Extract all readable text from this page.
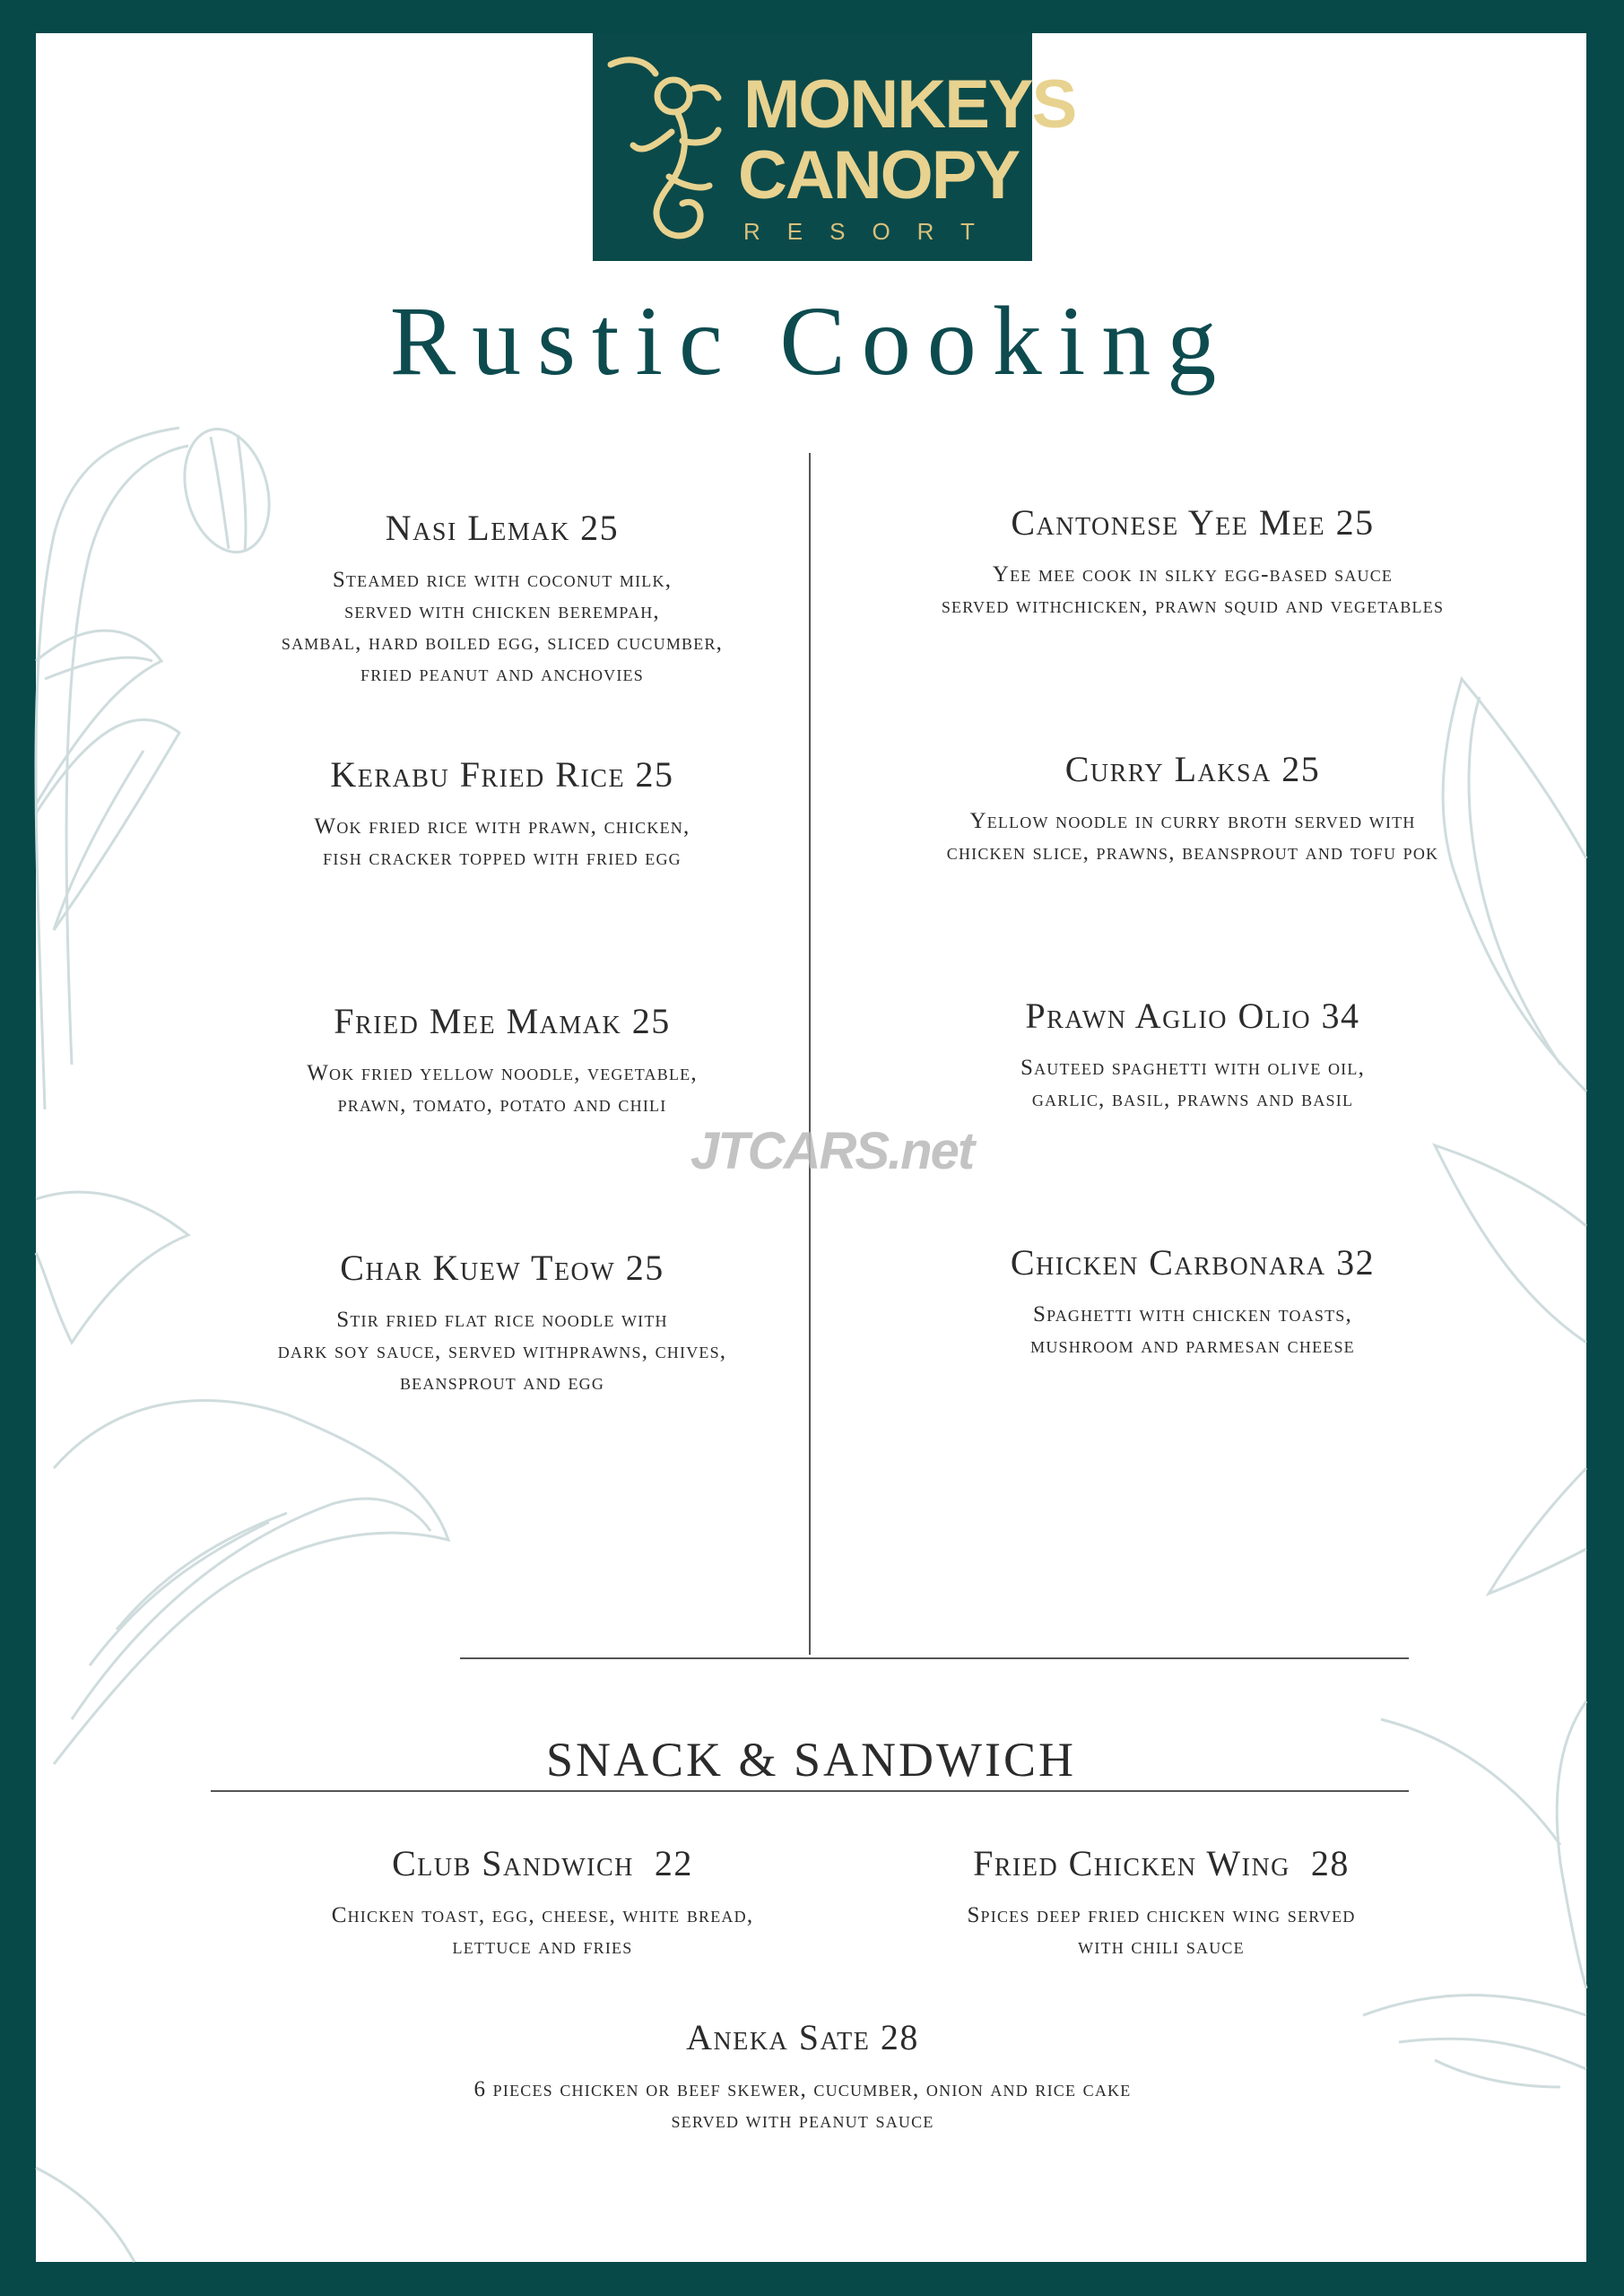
MONKEYS
CANOPY
RESORT
Rustic Cooking
Nasi Lemak 25
Steamed rice with coconut milk,
served with chicken berempah,
sambal, hard boiled egg, sliced cucumber,
fried peanut and anchovies
Kerabu Fried Rice 25
Wok fried rice with prawn, chicken,
fish cracker topped with fried egg
Fried Mee Mamak 25
Wok fried yellow noodle, vegetable,
prawn, tomato, potato and chili
Char Kuew Teow 25
Stir fried flat rice noodle with
dark soy sauce, served withprawns, chives,
beansprout and egg
Cantonese Yee Mee 25
Yee mee cook in silky egg-based sauce
served withchicken, prawn squid and vegetables
Curry Laksa 25
Yellow noodle in curry broth served with
chicken slice, prawns, beansprout and tofu pok
Prawn Aglio Olio 34
Sauteed spaghetti with olive oil,
garlic, basil, prawns and basil
Chicken Carbonara 32
Spaghetti with chicken toasts,
mushroom and parmesan cheese
JTCARS.net
SNACK & SANDWICH
Club Sandwich  22
Chicken toast, egg, cheese, white bread,
lettuce and fries
Fried Chicken Wing  28
Spices deep fried chicken wing served
with chili sauce
Aneka Sate 28
6 pieces chicken or beef skewer, cucumber, onion and rice cake
served with peanut sauce
